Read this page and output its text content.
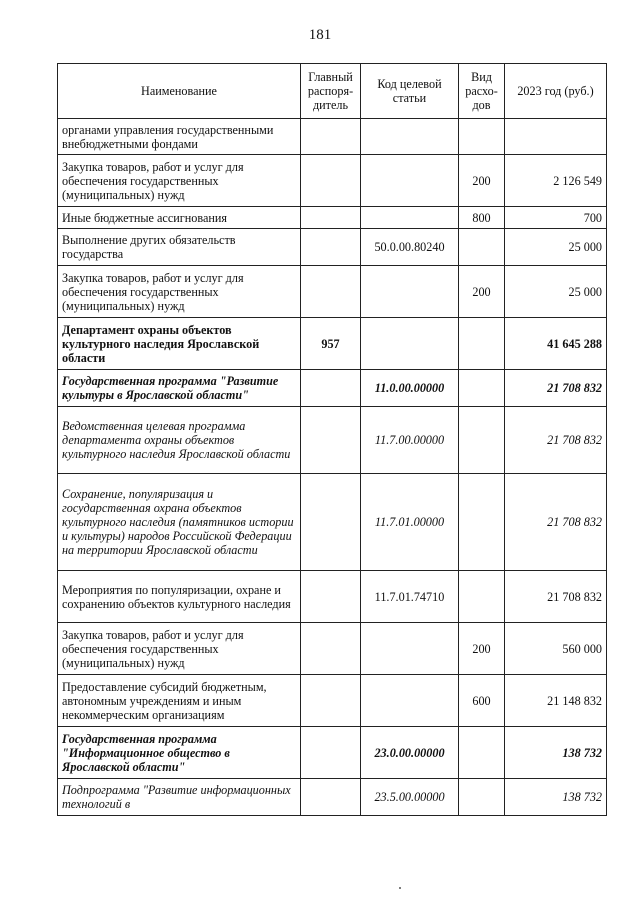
181
Наименование	Главный распоря-дитель	Код целевой статьи	Вид расхо-дов	2023 год (руб.)
органами управления государственными внебюджетными фондами				
Закупка товаров, работ и услуг для обеспечения государственных (муниципальных) нужд			200	2 126 549
Иные бюджетные ассигнования			800	700
Выполнение других обязательств государства		50.0.00.80240		25 000
Закупка товаров, работ и услуг для обеспечения государственных (муниципальных) нужд			200	25 000
Департамент охраны объектов культурного наследия Ярославской области	957			41 645 288
Государственная программа "Развитие культуры в Ярославской области"		11.0.00.00000		21 708 832
Ведомственная целевая программа департамента охраны объектов культурного наследия Ярославской области		11.7.00.00000		21 708 832
Сохранение, популяризация и государственная охрана объектов культурного наследия (памятников истории и культуры) народов Российской Федерации на территории Ярославской области		11.7.01.00000		21 708 832
Мероприятия по популяризации, охране и сохранению объектов культурного наследия		11.7.01.74710		21 708 832
Закупка товаров, работ и услуг для обеспечения государственных (муниципальных) нужд			200	560 000
Предоставление субсидий бюджетным, автономным учреждениям и иным некоммерческим организациям			600	21 148 832
Государственная программа "Информационное общество в Ярославской области"		23.0.00.00000		138 732
Подпрограмма "Развитие информационных технологий в		23.5.00.00000		138 732
